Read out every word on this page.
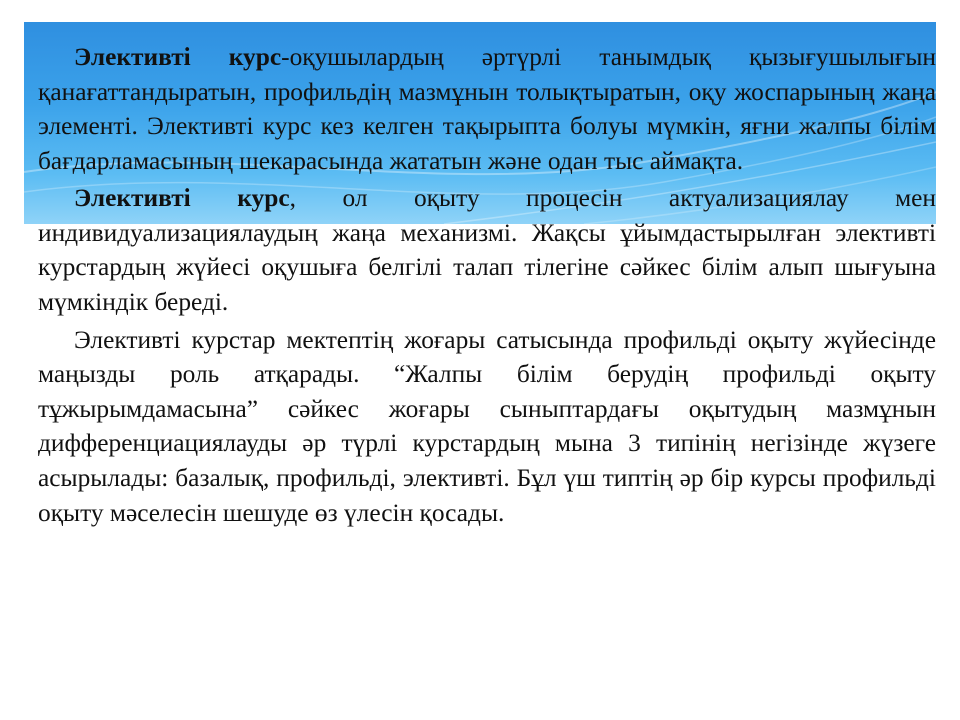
Элективті курс-оқушылардың әртүрлі танымдық қызығушылығын қанағаттандыратын, профильдің мазмұнын толықтыратын, оқу жоспарының жаңа элементі. Элективті курс кез келген тақырыпта болуы мүмкін, яғни жалпы білім бағдарламасының шекарасында жататын және одан тыс аймақта.

Элективті курс, ол оқыту процесін актуализациялау мен индивидуализациялаудың жаңа механизмі. Жақсы ұйымдастырылған элективті курстардың жүйесі оқушыға белгілі талап тілегіне сәйкес білім алып шығуына мүмкіндік береді.

Элективті курстар мектептің жоғары сатысында профильді оқыту жүйесінде маңызды роль атқарады. “Жалпы білім берудің профильді оқыту тұжырымдамасына” сәйкес жоғары сыныптардағы оқытудың мазмұнын дифференциациялауды әр түрлі курстардың мына 3 типінің негізінде жүзеге асырылады: базалық, профильді, элективті. Бұл үш типтің әр бір курсы профильді оқыту мәселесін шешуде өз үлесін қосады.
